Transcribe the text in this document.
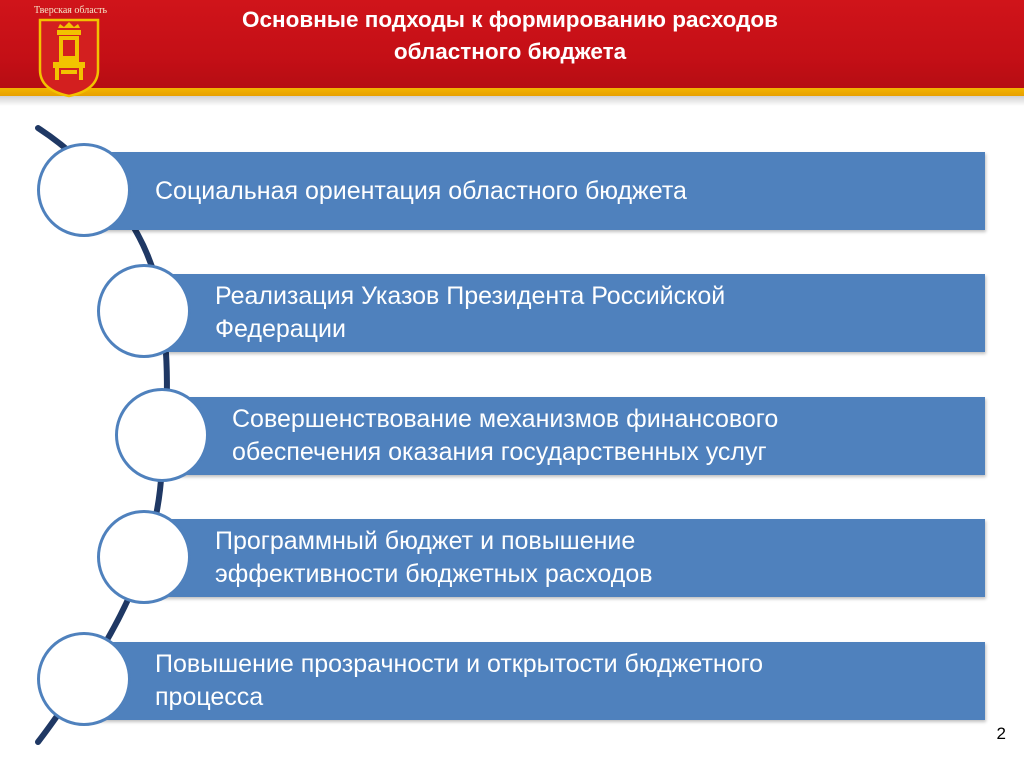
Тверская область	Основные подходы к формированию расходов
областного бюджета
Социальная ориентация областного бюджета
Реализация Указов Президента Российской
Федерации
Совершенствование механизмов финансового
обеспечения оказания государственных услуг
Программный бюджет и повышение
эффективности бюджетных расходов
Повышение прозрачности и открытости бюджетного
процесса
2
